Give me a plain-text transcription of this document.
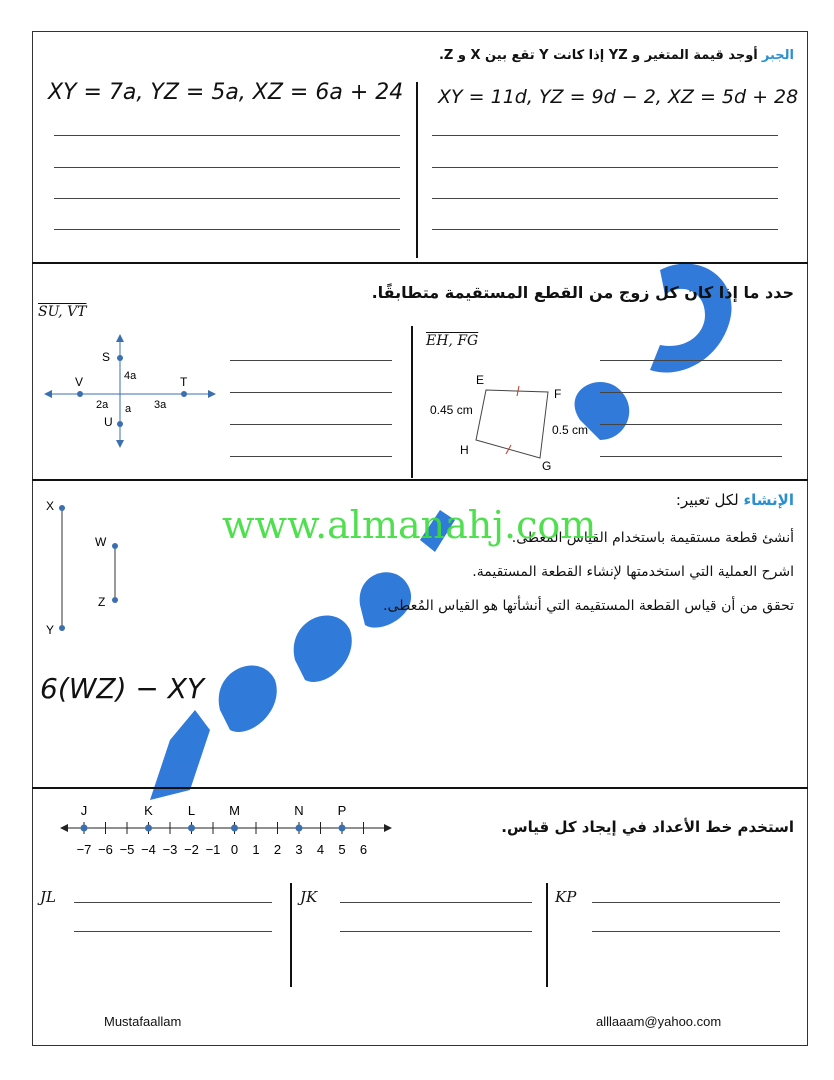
الجبر أوجد قيمة المتغير و YZ إذا كانت Y تقع بين X و Z.
XY = 7a, YZ = 5a, XZ = 6a + 24 XY = 11d, YZ = 9d − 2, XZ = 5d + 28
حدد ما إذا كان كل زوج من القطع المستقيمة متطابقًا.
SU, VT
S
V	T
U
4a
2a	3a
a
EH, FG
E
F
H
G
0.45 cm
0.5 cm
الإنشاء لكل تعبير:
أنشئ قطعة مستقيمة باستخدام القياس المعطى.
اشرح العملية التي استخدمتها لإنشاء القطعة المستقيمة.
تحقق من أن قياس القطعة المستقيمة التي أنشأتها هو القياس المُعطى.
www.almanahj.com
X
Y
W
Z
6(WZ) − XY
استخدم خط الأعداد في إيجاد كل قياس.
−7 −6 −5 −4 −3 −2 −1 0 1 2 3 4 5 6
J	K	L	M	N	P
JL	JK	KP
Mustafaallam	alllaaam@yahoo.com
